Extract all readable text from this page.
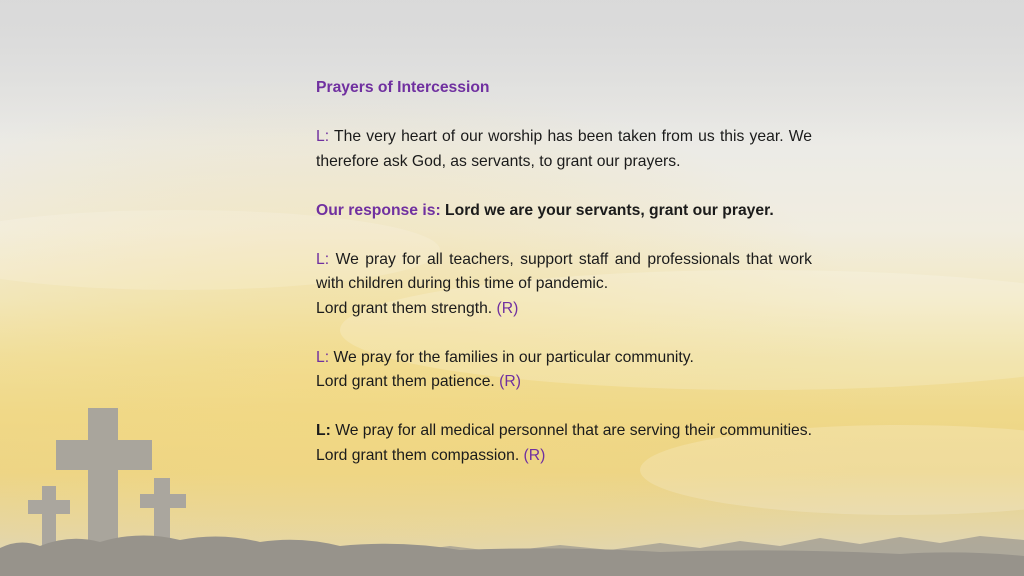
Prayers of Intercession

L: The very heart of our worship has been taken from us this year. We therefore ask God, as servants, to grant our prayers.

Our response is: Lord we are your servants, grant our prayer.

L: We pray for all teachers, support staff and professionals that work with children during this time of pandemic.
Lord grant them strength. (R)

L: We pray for the families in our particular community.
Lord grant them patience. (R)

L: We pray for all medical personnel that are serving their communities. Lord grant them compassion. (R)
